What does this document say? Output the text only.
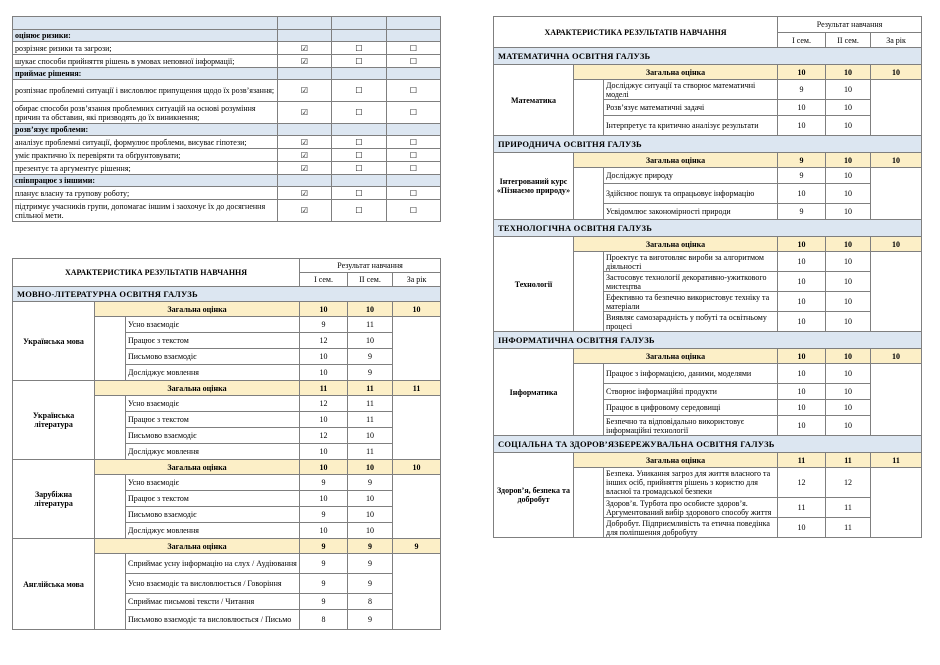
оцінює ризики:			
розрізняє ризики та загрози;	☑	☐	☐
шукає способи прийняття рішень в умовах неповної інформації;	☑	☐	☐
приймає рішення:			
розпізнає проблемні ситуації і висловлює припущення щодо їх розв’язання;	☑	☐	☐
обирає способи розв’язання проблемних ситуацій на основі розуміння причин та обставин, які призводять до їх виникнення;	☑	☐	☐
розв’язує проблеми:			
аналізує проблемні ситуації, формулює проблеми, висуває гіпотези;	☑	☐	☐
уміє практично їх перевіряти та обґрунтовувати;	☑	☐	☐
презентує та аргументує рішення;	☑	☐	☐
співпрацює з іншими:			
планує власну та групову роботу;	☑	☐	☐
підтримує учасників групи, допомагає іншим і заохочує їх до досягнення спільної мети.	☑	☐	☐
ХАРАКТЕРИСТИКА РЕЗУЛЬТАТІВ НАВЧАННЯ			Результат навчання		
			І сем.	ІІ сем.	За рік
МОВНО-ЛІТЕРАТУРНА ОСВІТНЯ ГАЛУЗЬ					
Українська мова	Загальна оцінка		10	10	10
	Усно взаємодіє	9	11	
		Працює з текстом	12	10	
		Письмово взаємодіє	10	9	
		Досліджує мовлення	10	9	
Українська література	Загальна оцінка		11	11	11
	Усно взаємодіє	12	11	
		Працює з текстом	10	11	
		Письмово взаємодіє	12	10	
		Досліджує мовлення	10	11	
Зарубіжна література	Загальна оцінка		10	10	10
	Усно взаємодіє	9	9	
		Працює з текстом	10	10	
		Письмово взаємодіє	9	10	
		Досліджує мовлення	10	10	
Англійська мова	Загальна оцінка		9	9	9
	Сприймає усну інформацію на слух / Аудіювання	9	9	
		Усно взаємодіє та висловлюється / Говоріння	9	9	
		Сприймає письмові тексти / Читання	9	8	
		Письмово взаємодіє та висловлюється / Письмо	8	9	
ХАРАКТЕРИСТИКА РЕЗУЛЬТАТІВ НАВЧАННЯ			Результат навчання		
			І сем.	ІІ сем.	За рік
МАТЕМАТИЧНА ОСВІТНЯ ГАЛУЗЬ					
Математика	Загальна оцінка		10	10	10
	Досліджує ситуації та створює математичні моделі	9	10	
		Розв’язує математичні задачі	10	10	
		Інтерпретує та критично аналізує результати	10	10	
ПРИРОДНИЧА ОСВІТНЯ ГАЛУЗЬ					
Інтегрований курс «Пізнаємо природу»	Загальна оцінка		9	10	10
	Досліджує природу	9	10	
		Здійснює пошук та опрацьовує інформацію	10	10	
		Усвідомлює закономірності природи	9	10	
ТЕХНОЛОГІЧНА ОСВІТНЯ ГАЛУЗЬ					
Технології	Загальна оцінка		10	10	10
	Проектує та виготовляє вироби за алгоритмом діяльності	10	10	
		Застосовує технології декоративно-ужиткового мистецтва	10	10	
		Ефективно та безпечно використовує техніку та матеріали	10	10	
		Виявляє самозарадність у побуті та освітньому процесі	10	10	
ІНФОРМАТИЧНА ОСВІТНЯ ГАЛУЗЬ					
Інформатика	Загальна оцінка		10	10	10
	Працює з інформацією, даними, моделями	10	10	
		Створює інформаційні продукти	10	10	
		Працює в цифровому середовищі	10	10	
		Безпечно та відповідально використовує інформаційні технології	10	10	
СОЦІАЛЬНА ТА ЗДОРОВ’ЯЗБЕРЕЖУВАЛЬНА ОСВІТНЯ ГАЛУЗЬ					
Здоров’я, безпека та добробут	Загальна оцінка		11	11	11
	Безпека. Уникання загроз для життя власного та інших осіб, прийняття рішень з користю для власної та громадської безпеки	12	12	
		Здоров’я. Турбота про особисте здоров’я. Аргументований вибір здорового способу життя	11	11	
		Добробут. Підприємливість та етична поведінка для поліпшення добробуту	10	11	
